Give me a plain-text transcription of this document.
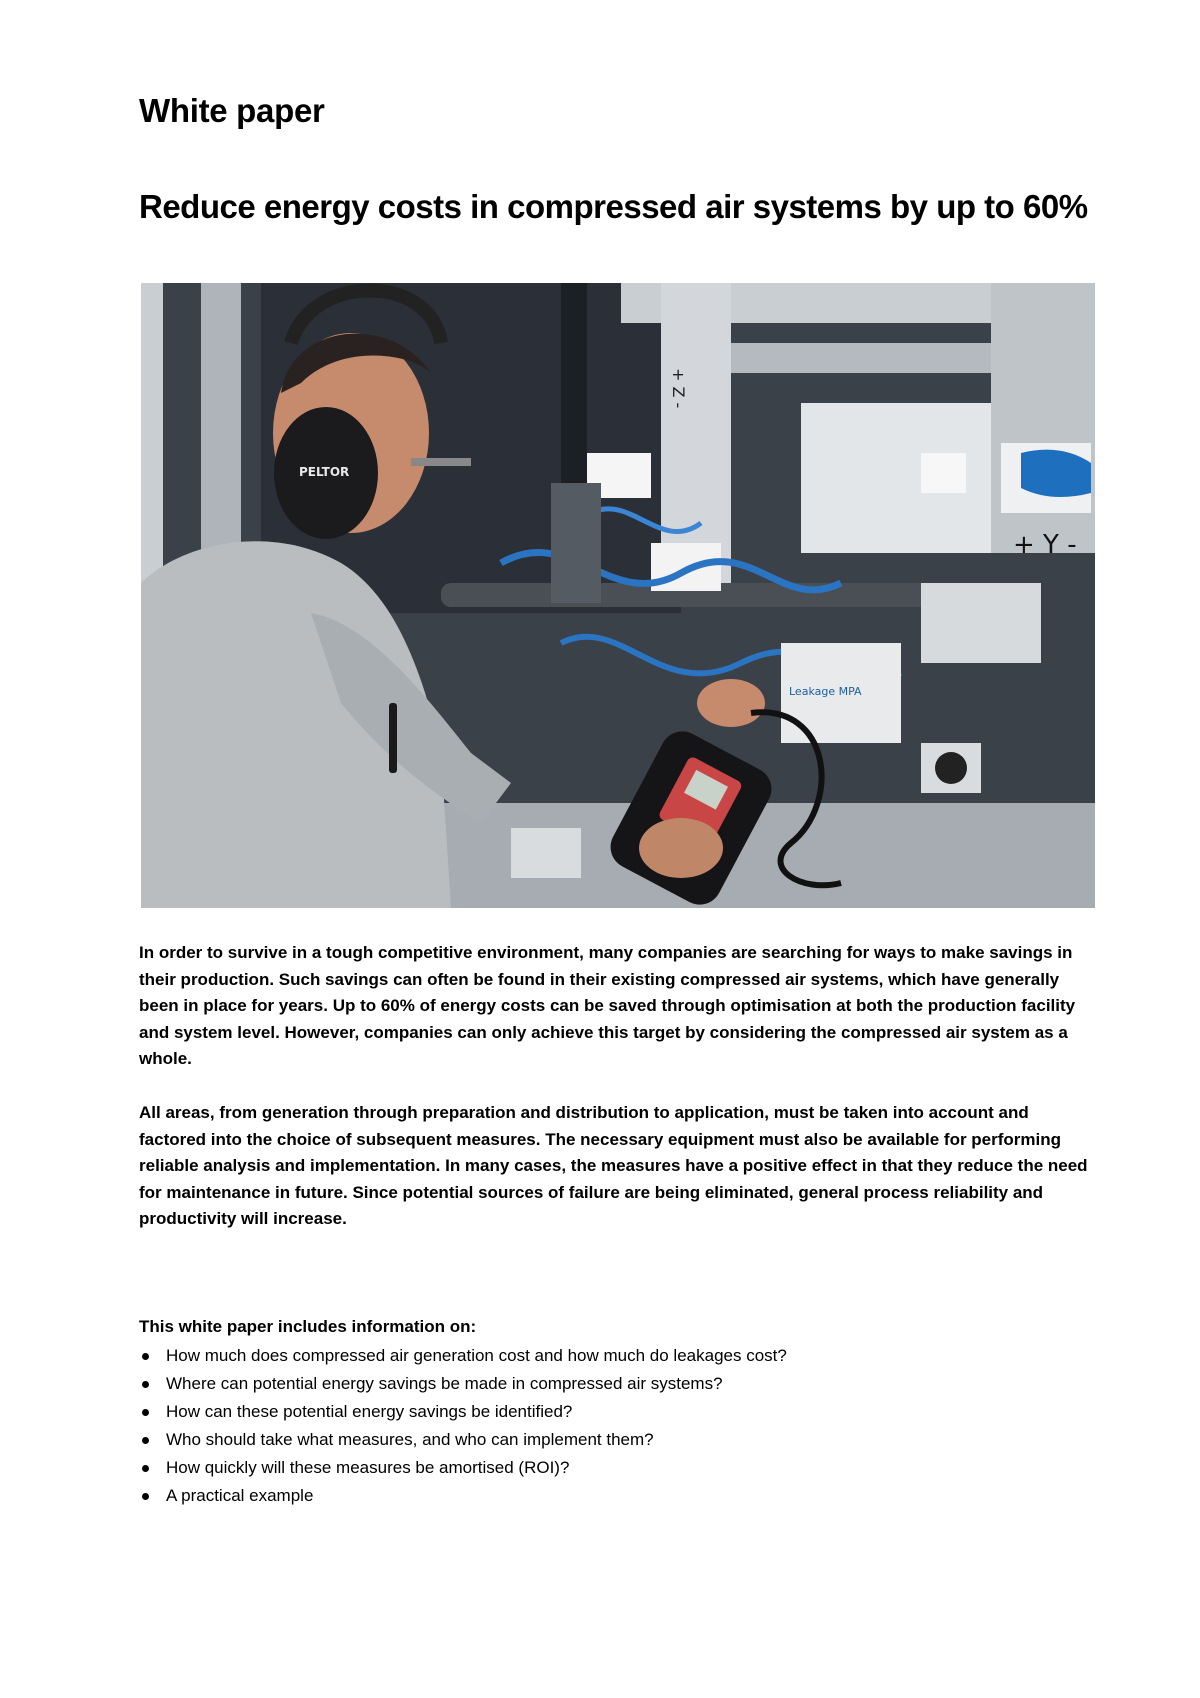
White paper
Reduce energy costs in compressed air systems by up to 60%
+ Z -
+ Y -
Leakage MPA
PELTOR

In order to survive in a tough competitive environment, many companies are searching for ways to make savings in their production. Such savings can often be found in their existing compressed air systems, which have generally been in place for years. Up to 60% of energy costs can be saved through optimisation at both the production facility and system level. However, companies can only achieve this target by considering the compressed air system as a whole.

All areas, from generation through preparation and distribution to application, must be taken into account and factored into the choice of subsequent measures. The necessary equipment must also be available for performing reliable analysis and implementation. In many cases, the measures have a positive effect in that they reduce the need for maintenance in future. Since potential sources of failure are being eliminated, general process reliability and productivity will increase.

This white paper includes information on:

How much does compressed air generation cost and how much do leakages cost?
Where can potential energy savings be made in compressed air systems?
How can these potential energy savings be identified?
Who should take what measures, and who can implement them?
How quickly will these measures be amortised (ROI)?
A practical example
